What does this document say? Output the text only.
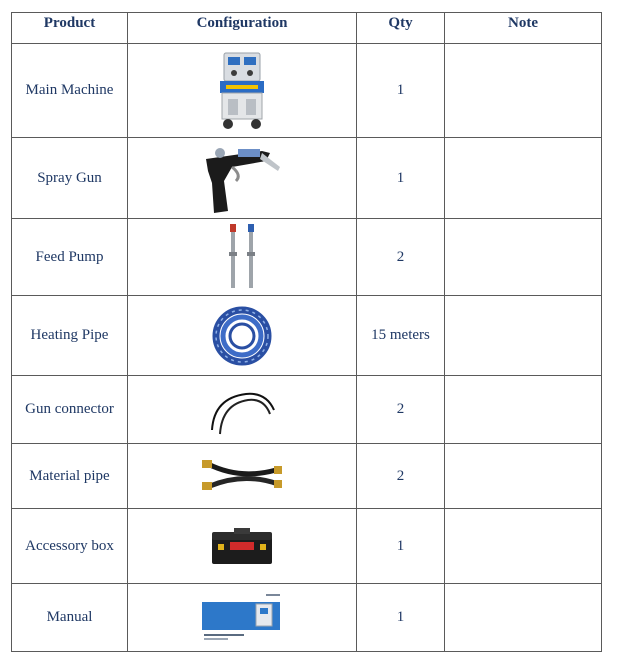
Product	Configuration	Qty	Note
Main Machine		1	
Spray Gun		1	
Feed Pump		2	
Heating Pipe		15 meters	
Gun connector		2	
Material pipe		2	
Accessory box		1	
Manual		1	
